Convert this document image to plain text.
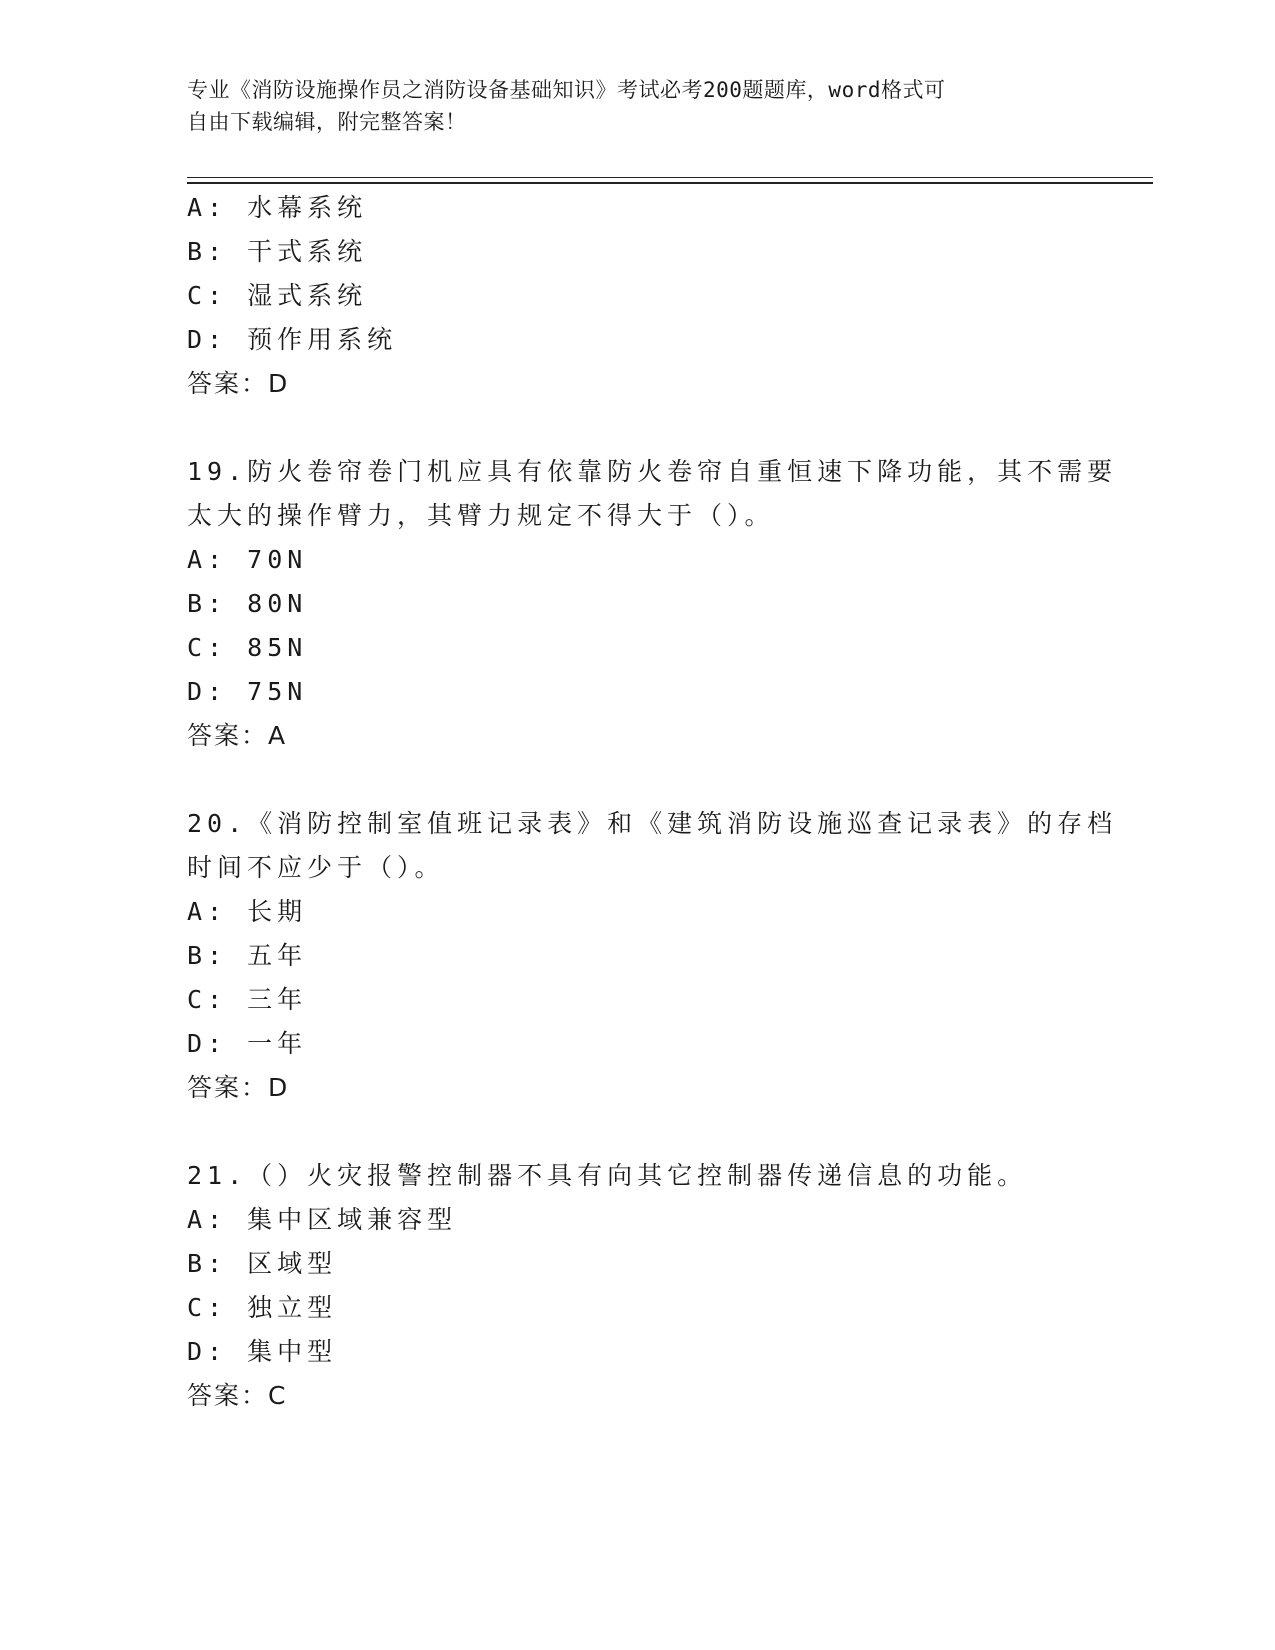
专业《消防设施操作员之消防设备基础知识》考试必考200题题库，word格式可
自由下载编辑，附完整答案！
A: 水幕系统
B: 干式系统
C: 湿式系统
D: 预作用系统
答案：D
19.防火卷帘卷门机应具有依靠防火卷帘自重恒速下降功能，其不需要
太大的操作臂力，其臂力规定不得大于（）。
A: 70N
B: 80N
C: 85N
D: 75N
答案：A
20.《消防控制室值班记录表》和《建筑消防设施巡查记录表》的存档
时间不应少于（）。
A: 长期
B: 五年
C: 三年
D: 一年
答案：D
21.（）火灾报警控制器不具有向其它控制器传递信息的功能。
A: 集中区域兼容型
B: 区域型
C: 独立型
D: 集中型
答案：C
